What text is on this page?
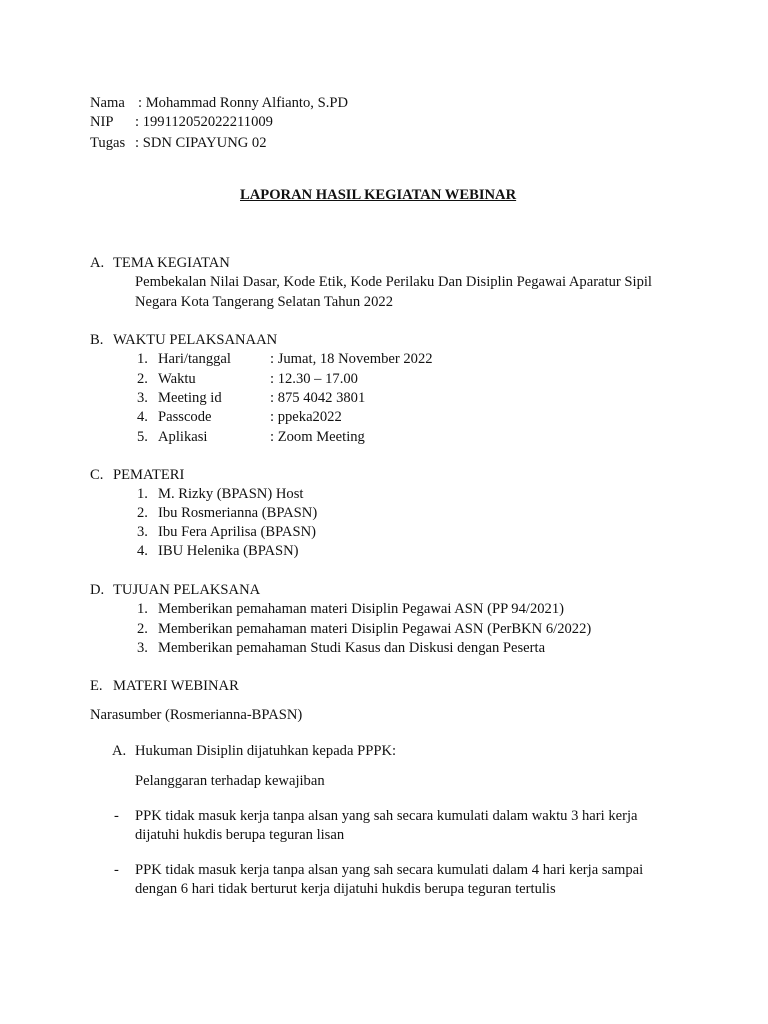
Nama : Mohammad Ronny Alfianto, S.PD
NIP : 199112052022211009
Tugas : SDN CIPAYUNG 02
LAPORAN HASIL KEGIATAN WEBINAR
A. TEMA KEGIATAN
Pembekalan Nilai Dasar, Kode Etik, Kode Perilaku Dan Disiplin Pegawai Aparatur Sipil
Negara Kota Tangerang Selatan Tahun 2022
B. WAKTU PELAKSANAAN
1. Hari/tanggal	: Jumat, 18 November 2022
2. Waktu	: 12.30 – 17.00
3. Meeting id	: 875 4042 3801
4. Passcode	: ppeka2022
5. Aplikasi	: Zoom Meeting
C. PEMATERI
1. M. Rizky (BPASN) Host
2. Ibu Rosmerianna (BPASN)
3. Ibu Fera Aprilisa (BPASN)
4. IBU Helenika (BPASN)
D. TUJUAN PELAKSANA
1. Memberikan pemahaman materi Disiplin Pegawai ASN (PP 94/2021)
2. Memberikan pemahaman materi Disiplin Pegawai ASN (PerBKN 6/2022)
3. Memberikan pemahaman Studi Kasus dan Diskusi dengan Peserta
E. MATERI WEBINAR
Narasumber (Rosmerianna-BPASN)
A. Hukuman Disiplin dijatuhkan kepada PPPK:
Pelanggaran terhadap kewajiban
- PPK tidak masuk kerja tanpa alsan yang sah secara kumulati dalam waktu 3 hari kerja
dijatuhi hukdis berupa teguran lisan
- PPK tidak masuk kerja tanpa alsan yang sah secara kumulati dalam 4 hari kerja sampai
dengan 6 hari tidak berturut kerja dijatuhi hukdis berupa teguran tertulis
